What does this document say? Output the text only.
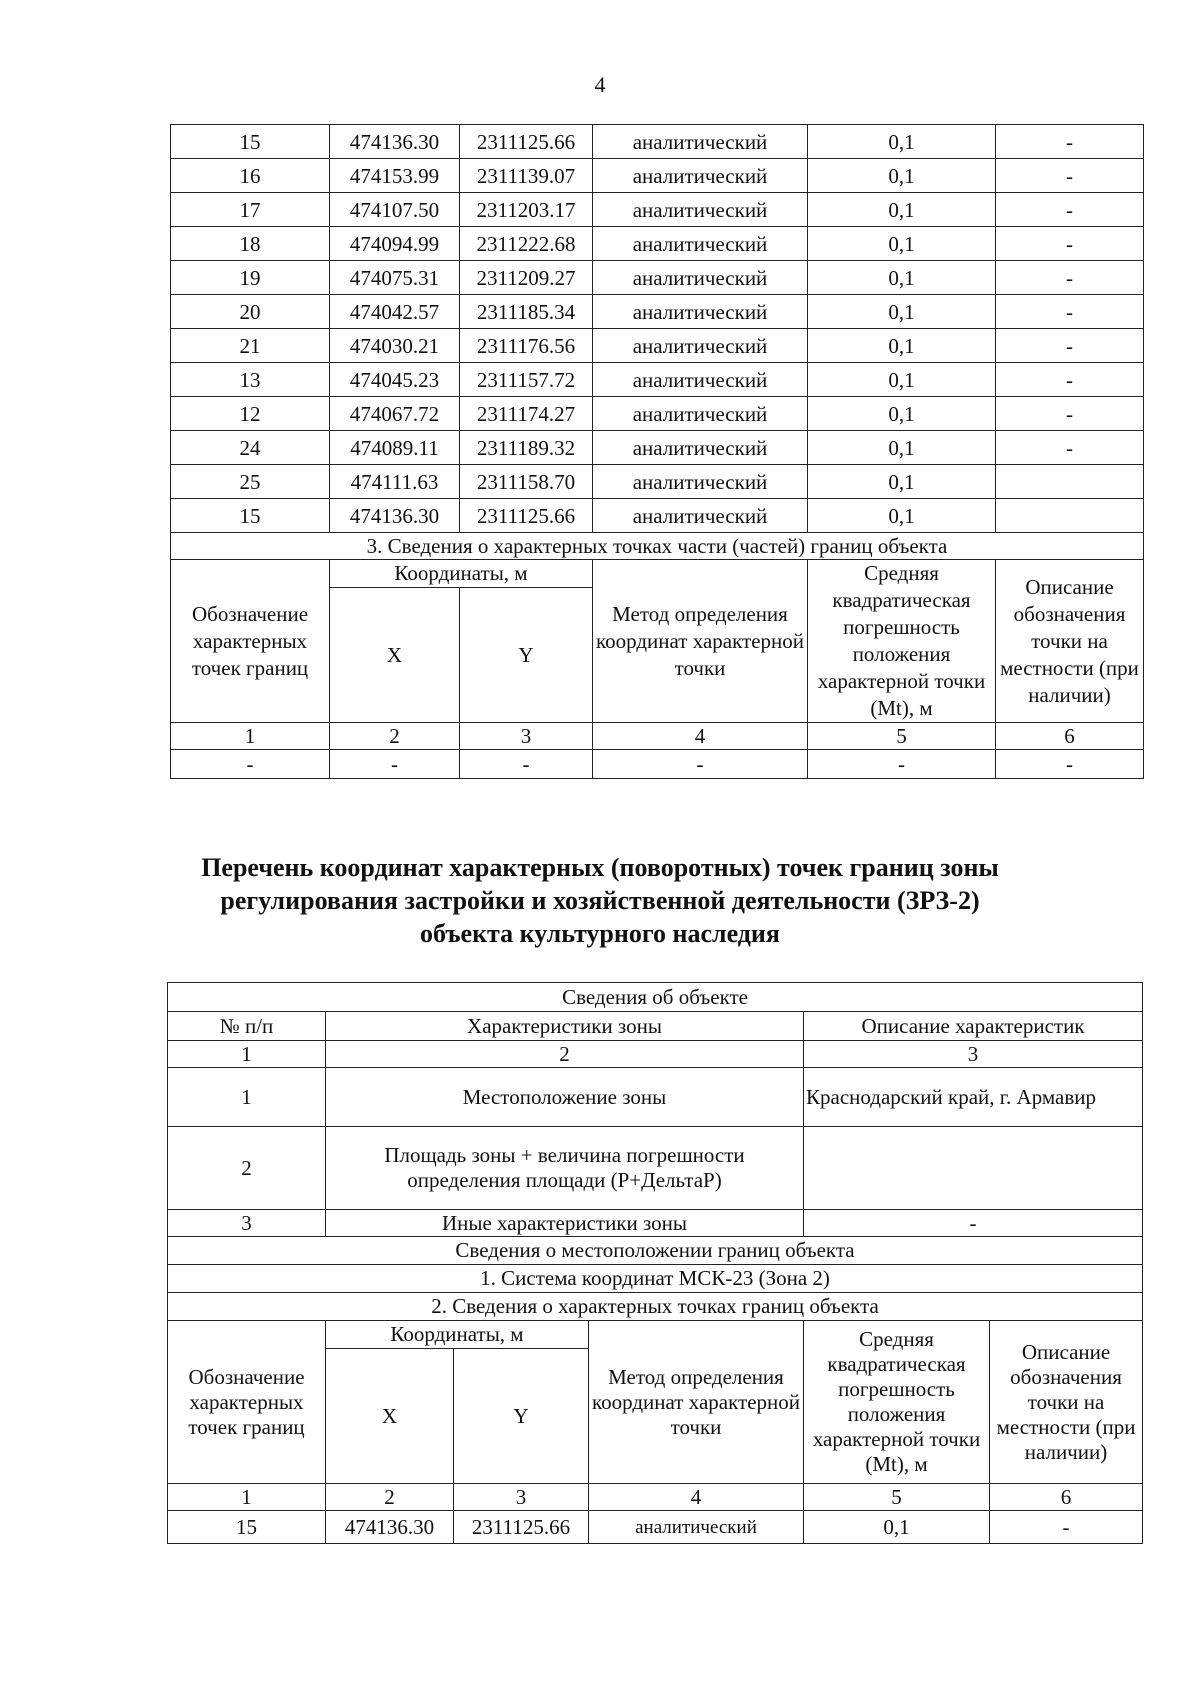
4
15	474136.30	2311125.66	аналитический	0,1	-
16	474153.99	2311139.07	аналитический	0,1	-
17	474107.50	2311203.17	аналитический	0,1	-
18	474094.99	2311222.68	аналитический	0,1	-
19	474075.31	2311209.27	аналитический	0,1	-
20	474042.57	2311185.34	аналитический	0,1	-
21	474030.21	2311176.56	аналитический	0,1	-
13	474045.23	2311157.72	аналитический	0,1	-
12	474067.72	2311174.27	аналитический	0,1	-
24	474089.11	2311189.32	аналитический	0,1	-
25	474111.63	2311158.70	аналитический	0,1	
15	474136.30	2311125.66	аналитический	0,1	
3. Сведения о характерных точках части (частей) границ объекта					
Обозначение характерных точек границ	Координаты, м		Метод определения координат характерной точки	Средняя квадратическая погрешность положения характерной точки (Mt), м	Описание обозначения точки на местности (при наличии)
	X	Y			
1	2	3	4	5	6
-	-	-	-	-	-
Перечень координат характерных (поворотных) точек границ зоны
регулирования застройки и хозяйственной деятельности (ЗРЗ-2)
объекта культурного наследия
Сведения об объекте					
№ п/п	Характеристики зоны			Описание характеристик	
1	2			3	
1	Местоположение зоны			Краснодарский край, г. Армавир	
2	Площадь зоны + величина погрешности определения площади (Р+ДельтаР)				
3	Иные характеристики зоны			-	
Сведения о местоположении границ объекта					
1. Система координат МСК-23 (Зона 2)					
2. Сведения о характерных точках границ объекта					
Обозначение характерных точек границ	Координаты, м		Метод определения координат характерной точки	Средняя квадратическая погрешность положения характерной точки (Mt), м	Описание обозначения точки на местности (при наличии)
	X	Y			
1	2	3	4	5	6
15	474136.30	2311125.66	аналитический	0,1	-
